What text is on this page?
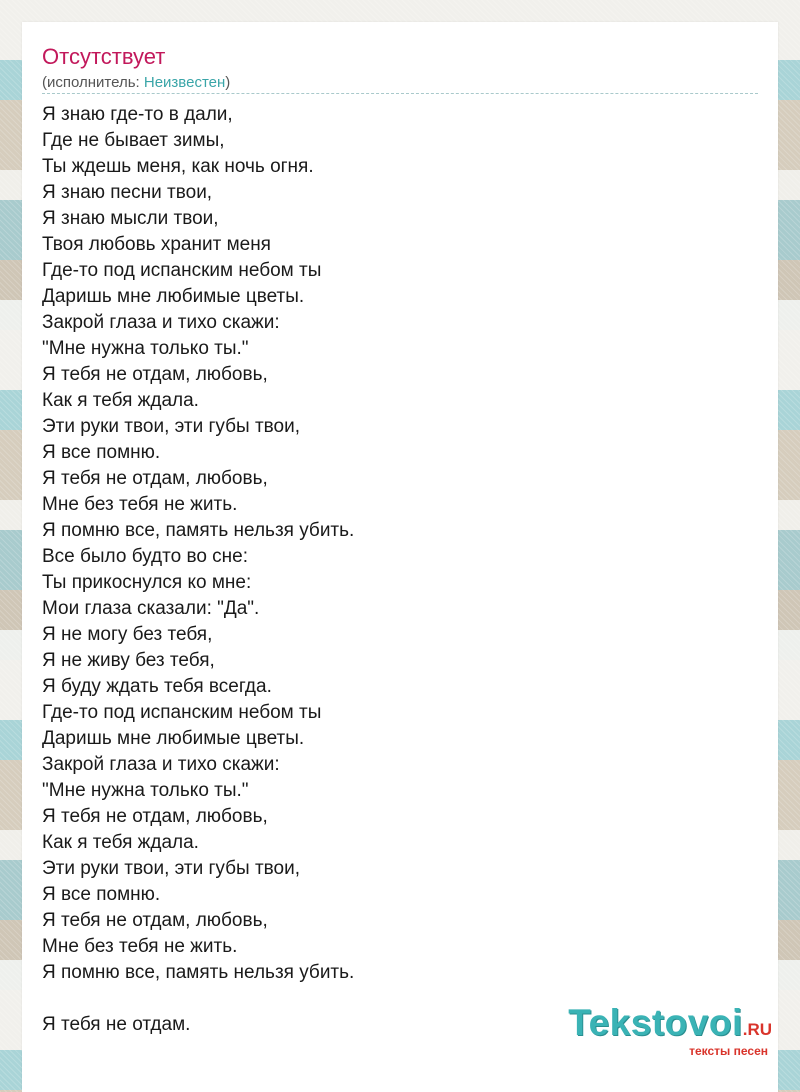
Отсутствует
(исполнитель: Неизвестен)
Я знаю где-то в дали,
Где не бывает зимы,
Ты ждешь меня, как ночь огня.
Я знаю песни твои,
Я знаю мысли твои,
Твоя любовь хранит меня
Где-то под испанским небом ты
Даришь мне любимые цветы.
Закрой глаза и тихо скажи:
"Мне нужна только ты."
Я тебя не отдам, любовь,
Как я тебя ждала.
Эти руки твои, эти губы твои,
Я все помню.
Я тебя не отдам, любовь,
Мне без тебя не жить.
Я помню все, память нельзя убить.
Все было будто во сне:
Ты прикоснулся ко мне:
Мои глаза сказали: "Да".
Я не могу без тебя,
Я не живу без тебя,
Я буду ждать тебя всегда.
Где-то под испанским небом ты
Даришь мне любимые цветы.
Закрой глаза и тихо скажи:
"Мне нужна только ты."
Я тебя не отдам, любовь,
Как я тебя ждала.
Эти руки твои, эти губы твои,
Я все помню.
Я тебя не отдам, любовь,
Мне без тебя не жить.
Я помню все, память нельзя убить.
Я тебя не отдам.	Tekstovoi.RU
тексты песен
